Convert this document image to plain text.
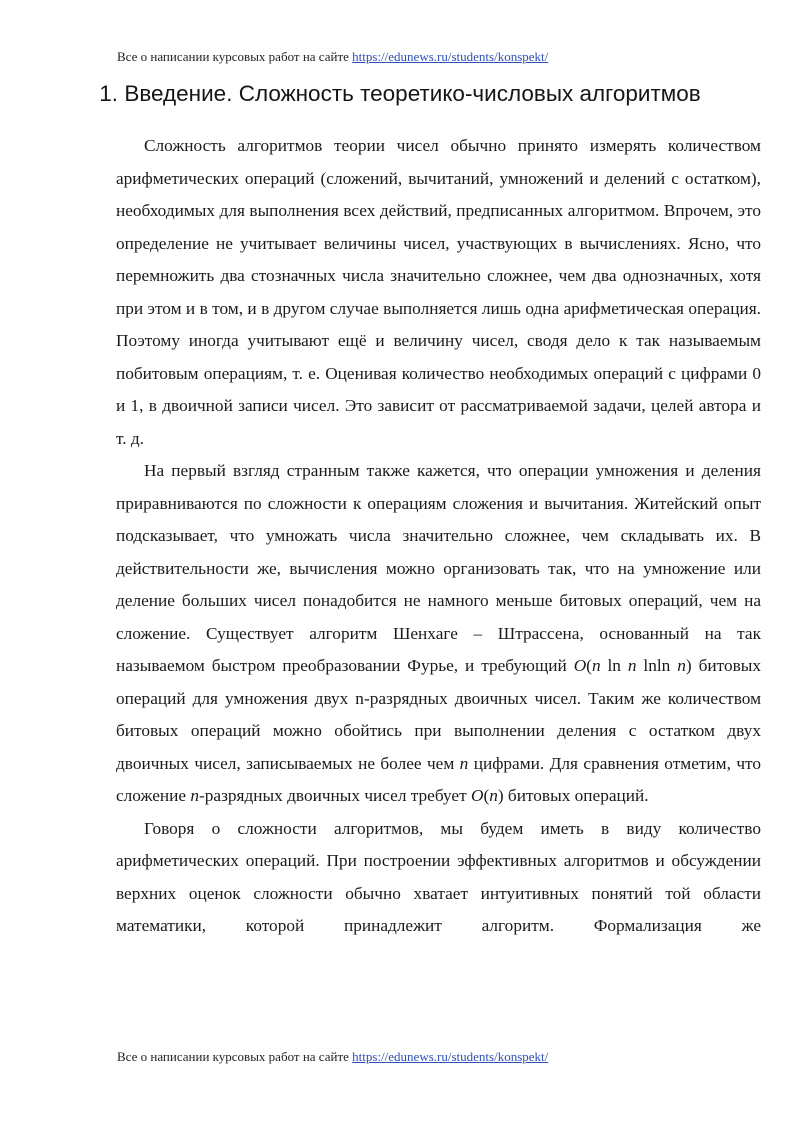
Все о написании курсовых работ на сайте https://edunews.ru/students/konspekt/
1. Введение. Сложность теоретико-числовых алгоритмов

Сложность алгоритмов теории чисел обычно принято измерять количеством арифметических операций (сложений, вычитаний, умножений и делений с остатком), необходимых для выполнения всех действий, предписанных алгоритмом. Впрочем, это определение не учитывает величины чисел, участвующих в вычислениях. Ясно, что перемножить два стозначных числа значительно сложнее, чем два однозначных, хотя при этом и в том, и в другом случае выполняется лишь одна арифметическая операция. Поэтому иногда учитывают ещё и величину чисел, сводя дело к так называемым побитовым операциям, т. е. Оценивая количество необходимых операций с цифрами 0 и 1, в двоичной записи чисел. Это зависит от рассматриваемой задачи, целей автора и т. д.

На первый взгляд странным также кажется, что операции умножения и деления приравниваются по сложности к операциям сложения и вычитания. Житейский опыт подсказывает, что умножать числа значительно сложнее, чем складывать их. В действительности же, вычисления можно организовать так, что на умножение или деление больших чисел понадобится не намного меньше битовых операций, чем на сложение. Существует алгоритм Шенхаге – Штрассена, основанный на так называемом быстром преобразовании Фурье, и требующий O(n ln n lnln n) битовых операций для умножения двух n-разрядных двоичных чисел. Таким же количеством битовых операций можно обойтись при выполнении деления с остатком двух двоичных чисел, записываемых не более чем n цифрами. Для сравнения отметим, что сложение n-разрядных двоичных чисел требует O(n) битовых операций.

Говоря о сложности алгоритмов, мы будем иметь в виду количество арифметических операций. При построении эффективных алгоритмов и обсуждении верхних оценок сложности обычно хватает интуитивных понятий той области математики, которой принадлежит алгоритм. Формализация же

Все о написании курсовых работ на сайте https://edunews.ru/students/konspekt/
